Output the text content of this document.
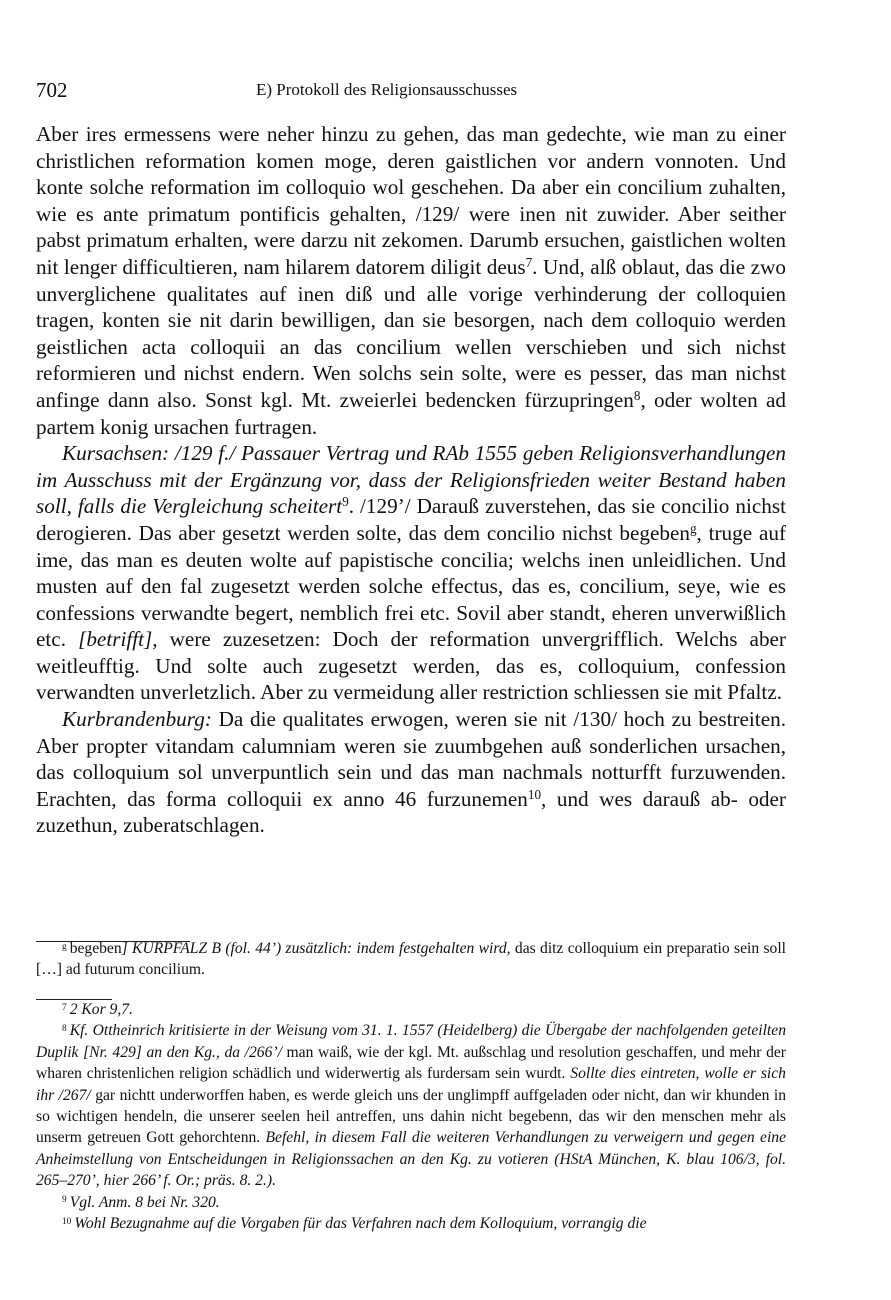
702	E) Protokoll des Religionsausschusses

Aber ires ermessens were neher hinzu zu gehen, das man gedechte, wie man zu einer christlichen reformation komen moge, deren gaistlichen vor andern vonnoten. Und konte solche reformation im colloquio wol geschehen. Da aber ein concilium zuhalten, wie es ante primatum pontificis gehalten, /129/ were inen nit zuwider. Aber seither pabst primatum erhalten, were darzu nit zekomen. Darumb ersuchen, gaistlichen wolten nit lenger difficultieren, nam hilarem datorem diligit deus$^7$. Und, alß oblaut, das die zwo unverglichene qualitates auf inen diß und alle vorige verhinderung der colloquien tragen, konten sie nit darin bewilligen, dan sie besorgen, nach dem colloquio werden geistlichen acta colloquii an das concilium wellen verschieben und sich nichst reformieren und nichst endern. Wen solchs sein solte, were es pesser, das man nichst anfinge dann also. Sonst kgl. Mt. zweierlei bedencken fürzupringen$^8$, oder wolten ad partem konig ursachen furtragen.

Kursachsen: /129 f./ Passauer Vertrag und RAb 1555 geben Religionsverhandlungen im Ausschuss mit der Ergänzung vor, dass der Religionsfrieden weiter Bestand haben soll, falls die Vergleichung scheitert$^9$. /129’/ Darauß zuverstehen, das sie concilio nichst derogieren. Das aber gesetzt werden solte, das dem concilio nichst begeben$^g$, truge auf ime, das man es deuten wolte auf papistische concilia; welchs inen unleidlichen. Und musten auf den fal zugesetzt werden solche effectus, das es, concilium, seye, wie es confessions verwandte begert, nemblich frei etc. Sovil aber standt, eheren unverwißlich etc. [betrifft], were zuzesetzen: Doch der reformation unvergrifflich. Welchs aber weitleufftig. Und solte auch zugesetzt werden, das es, colloquium, confession verwandten unverletzlich. Aber zu vermeidung aller restriction schliessen sie mit Pfaltz.

Kurbrandenburg: Da die qualitates erwogen, weren sie nit /130/ hoch zu bestreiten. Aber propter vitandam calumniam weren sie zuumbgehen auß sonderlichen ursachen, das colloquium sol unverpuntlich sein und das man nachmals notturfft furzuwenden. Erachten, das forma colloquii ex anno 46 furzunemen$^{10}$, und wes darauß ab- oder zuzethun, zuberatschlagen.

$^g$ begeben] KURPFALZ B (fol. 44’) zusätzlich: indem festgehalten wird, das ditz colloquium ein preparatio sein soll […] ad futurum concilium.

$^7$ 2 Kor 9,7.

$^8$ Kf. Ottheinrich kritisierte in der Weisung vom 31. 1. 1557 (Heidelberg) die Übergabe der nachfolgenden geteilten Duplik [Nr. 429] an den Kg., da /266’/ man waiß, wie der kgl. Mt. außschlag und resolution geschaffen, und mehr der wharen christenlichen religion schädlich und widerwertig als furdersam sein wurdt. Sollte dies eintreten, wolle er sich ihr /267/ gar nichtt underworffen haben, es werde gleich uns der unglimpff auffgeladen oder nicht, dan wir khunden in so wichtigen hendeln, die unserer seelen heil antreffen, uns dahin nicht begebenn, das wir den menschen mehr als unserm getreuen Gott gehorchtenn. Befehl, in diesem Fall die weiteren Verhandlungen zu verweigern und gegen eine Anheimstellung von Entscheidungen in Religionssachen an den Kg. zu votieren (HStA München, K. blau 106/3, fol. 265–270’, hier 266’ f. Or.; präs. 8. 2.).

$^9$ Vgl. Anm. 8 bei Nr. 320.

$^{10}$ Wohl Bezugnahme auf die Vorgaben für das Verfahren nach dem Kolloquium, vorrangig die
